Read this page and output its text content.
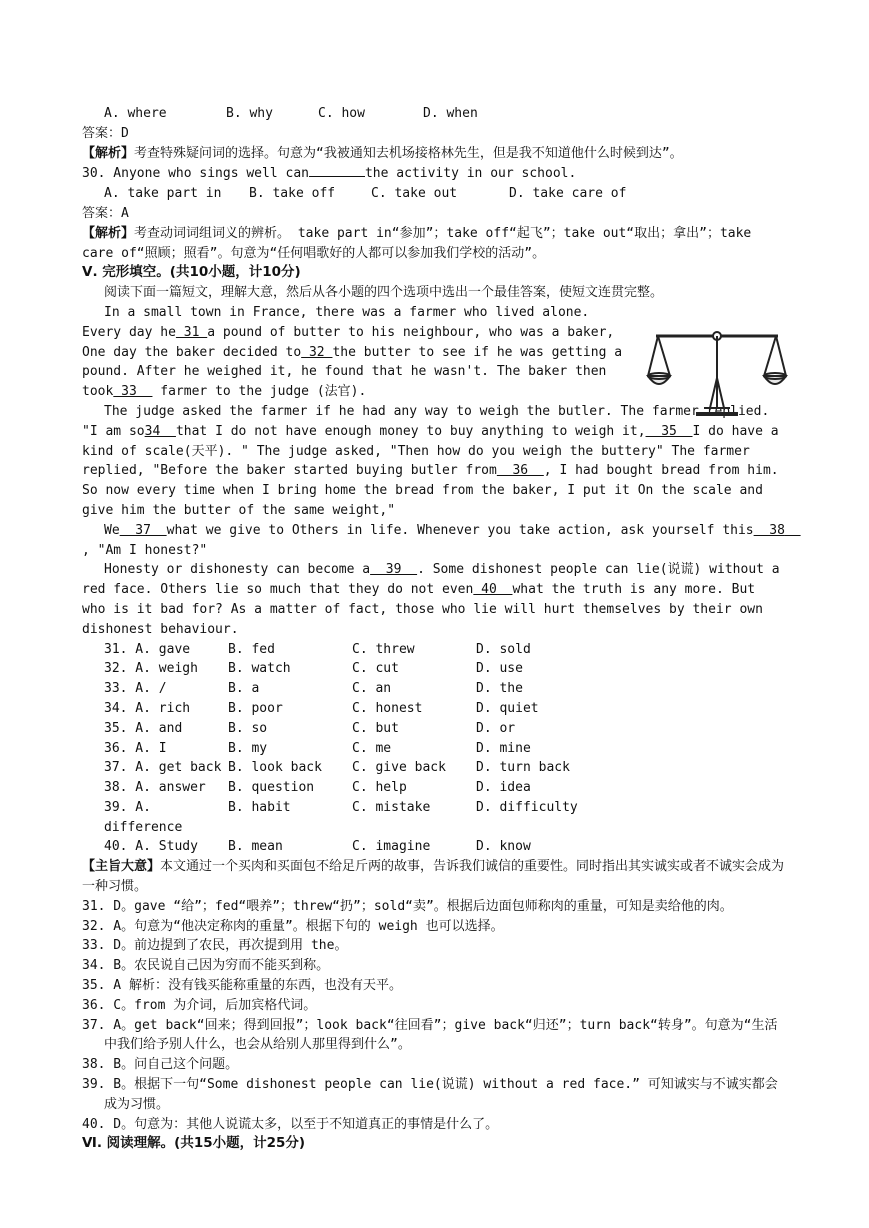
A. where	B. why	C. how	D. when
答案：D
【解析】考查特殊疑问词的选择。句意为“我被通知去机场接格林先生，但是我不知道他什么时候到达”。
30. Anyone who sings well can	the activity in our school.
A. take part in	B. take off	C. take out	D. take care of
答案：A
【解析】考查动词词组词义的辨析。 take part in“参加”；take off“起飞”；take out“取出；拿出”；take care of“照顾；照看”。句意为“任何唱歌好的人都可以参加我们学校的活动”。
Ⅴ. 完形填空。(共10小题，计10分)
阅读下面一篇短文，理解大意，然后从各小题的四个选项中选出一个最佳答案，使短文连贯完整。
In a small town in France, there was a farmer who lived alone. Every day he 31 a pound of butter to his neighbour, who was a baker, One day the baker decided to 32 the butter to see if he was getting a pound. After he weighed it, he found that he wasn't. The baker then took 33   farmer to the judge (法官).
The judge asked the farmer if he had any way to weigh the butler. The farmer replied. "I am so34  that I do not have enough money to buy anything to weigh it,  35  I do have a kind of scale(天平). " The judge asked, "Then how do you weigh the buttery" The farmer replied, "Before the baker started buying butler from  36  , I had bought bread from him. So now every time when I bring home the bread from the baker, I put it On the scale and give him the butter of the same weight,"
We  37  what we give to Others in life. Whenever you take action, ask yourself this  38  , "Am I honest?"
Honesty or dishonesty can become a  39  . Some dishonest people can lie(说谎) without a red face. Others lie so much that they do not even 40  what the truth is any more. But who is it bad for? As a matter of fact, those who lie will hurt themselves by their own dishonest behaviour.
31. A. gave	B. fed	C. threw	D. sold
32. A. weigh	B. watch	C. cut	D. use
33. A. /	B. a	C. an	D. the
34. A. rich	B. poor	C. honest	D. quiet
35. A. and	B. so	C. but	D. or
36. A. I	B. my	C. me	D. mine
37. A. get back B. look back	C. give back	D. turn back
38. A. answer	B. question	C. help	D. idea
39. A. difference
B. habit	C. mistake	D. difficulty
40. A. Study	B. mean	C. imagine	D. know
【主旨大意】本文通过一个买肉和买面包不给足斤两的故事，告诉我们诚信的重要性。同时指出其实诚实或者不诚实会成为一种习惯。
31. D。gave “给”；fed“喂养”；threw“扔”；sold“卖”。根据后边面包师称肉的重量，可知是卖给他的肉。
32. A。句意为“他决定称肉的重量”。根据下句的 weigh 也可以选择。
33. D。前边提到了农民，再次提到用 the。
34. B。农民说自己因为穷而不能买到称。
35. A 解析：没有钱买能称重量的东西，也没有天平。
36. C。from 为介词，后加宾格代词。
37. A。get back“回来；得到回报”；look back“往回看”；give back“归还”；turn back“转身”。句意为“生活中我们给予别人什么，也会从给别人那里得到什么”。
38. B。问自己这个问题。
39. B。根据下一句“Some dishonest people can lie(说谎) without a red face.” 可知诚实与不诚实都会成为习惯。
40. D。句意为：其他人说谎太多，以至于不知道真正的事情是什么了。
Ⅵ. 阅读理解。(共15小题，计25分)
